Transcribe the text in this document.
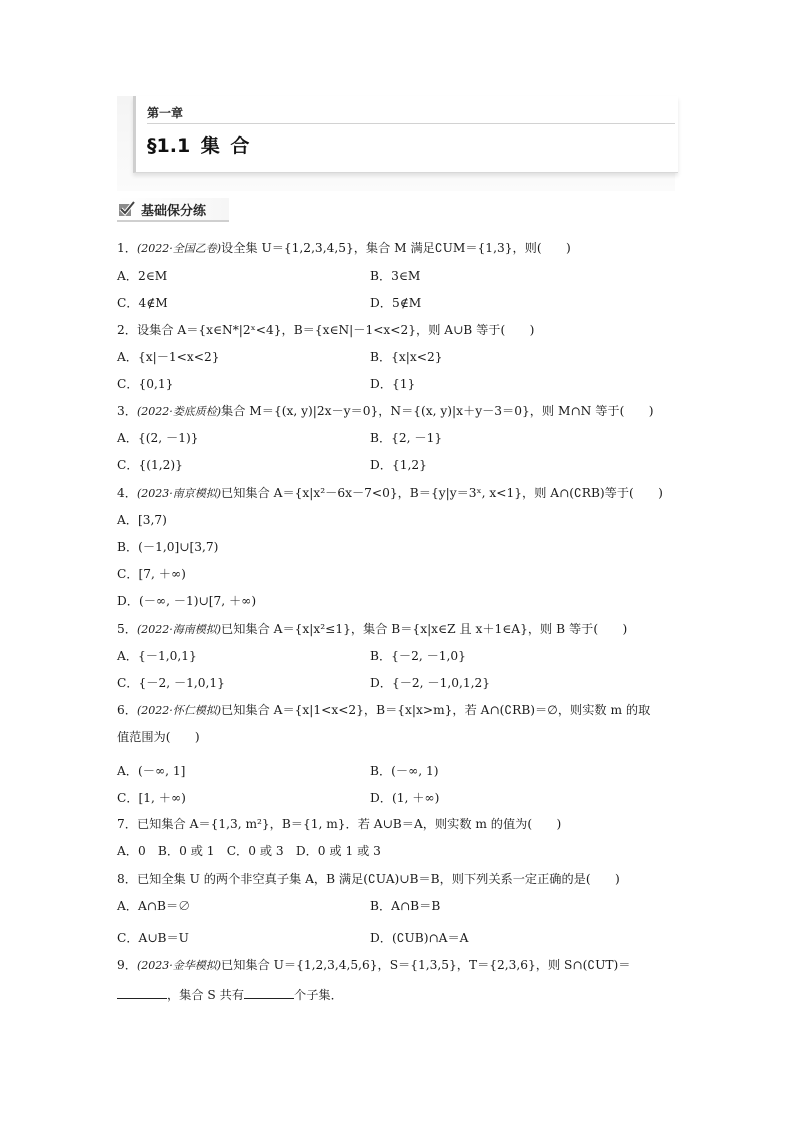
第一章
§1.1 集 合
基础保分练
1．(2022·全国乙卷)设全集 U＝{1,2,3,4,5}，集合 M 满足∁UM＝{1,3}，则(　　)
A．2∈M	B．3∈M
C．4∉M	D．5∉M
2．设集合 A＝{x∈N*|2ˣ<4}，B＝{x∈N|－1<x<2}，则 A∪B 等于(　　)
A．{x|－1<x<2}	B．{x|x<2}
C．{0,1}	D．{1}
3．(2022·娄底质检)集合 M＝{(x, y)|2x－y＝0}，N＝{(x, y)|x＋y－3＝0}，则 M∩N 等于(　　)
A．{(2, －1)}	B．{2, －1}
C．{(1,2)}	D．{1,2}
4．(2023·南京模拟)已知集合 A＝{x|x²－6x－7<0}，B＝{y|y＝3ˣ, x<1}，则 A∩(∁RB)等于(　　)
A．[3,7)
B．(－1,0]∪[3,7)
C．[7, ＋∞)
D．(－∞, －1)∪[7, ＋∞)
5．(2022·海南模拟)已知集合 A＝{x|x²≤1}，集合 B＝{x|x∈Z 且 x＋1∈A}，则 B 等于(　　)
A．{－1,0,1}	B．{－2, －1,0}
C．{－2, －1,0,1}	D．{－2, －1,0,1,2}
6．(2022·怀仁模拟)已知集合 A＝{x|1<x<2}，B＝{x|x>m}，若 A∩(∁RB)＝∅，则实数 m 的取
值范围为(　　)
A．(－∞, 1]	B．(－∞, 1)
C．[1, ＋∞)	D．(1, ＋∞)
7．已知集合 A＝{1,3, m²}，B＝{1, m}．若 A∪B＝A，则实数 m 的值为(　　)
A．0　B．0 或 1　C．0 或 3　D．0 或 1 或 3
8．已知全集 U 的两个非空真子集 A，B 满足(∁UA)∪B＝B，则下列关系一定正确的是(　　)
A．A∩B＝∅	B．A∩B＝B
C．A∪B＝U	D．(∁UB)∩A＝A
9．(2023·金华模拟)已知集合 U＝{1,2,3,4,5,6}，S＝{1,3,5}，T＝{2,3,6}，则 S∩(∁UT)＝
，集合 S 共有	个子集．
